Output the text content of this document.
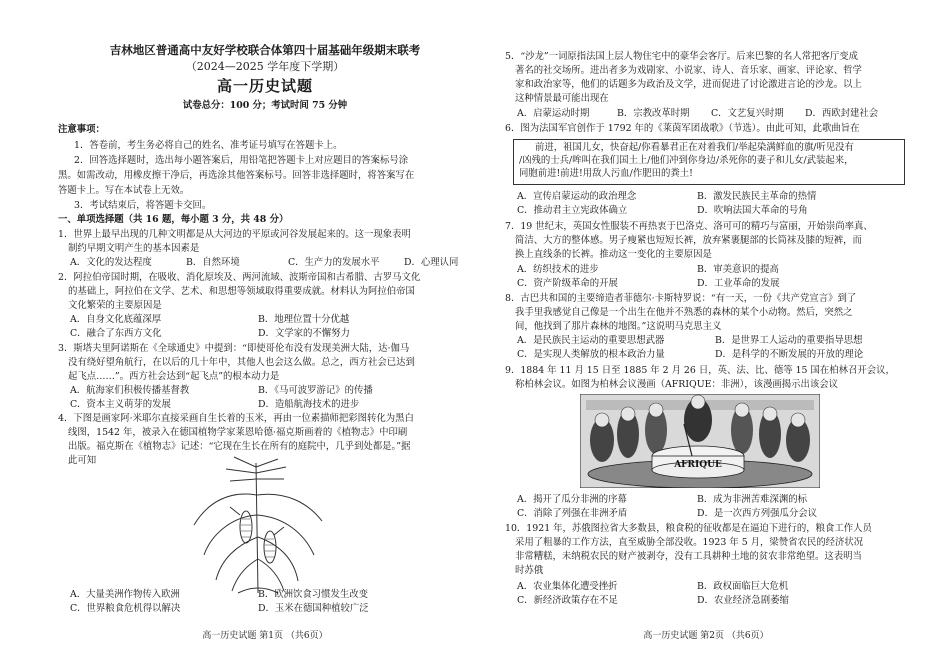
吉林地区普通高中友好学校联合体第四十届基础年级期末联考
（2024—2025 学年度下学期）
高一历史试题
试卷总分：100 分；考试时间 75 分钟
注意事项：
1．答卷前，考生务必将自己的姓名、准考证号填写在答题卡上。
2．回答选择题时，选出每小题答案后，用铅笔把答题卡上对应题目的答案标号涂
黑。如需改动，用橡皮擦干净后，再选涂其他答案标号。回答非选择题时，将答案写在
答题卡上。写在本试卷上无效。
3．考试结束后，将答题卡交回。
一、单项选择题（共 16 题，每小题 3 分，共 48 分）
1．世界上最早出现的几种文明都是从大河边的平原或河谷发展起来的。这一现象表明
制约早期文明产生的基本因素是
A．文化的发达程度	B．自然环境	C．生产力的发展水平	D．心理认同
2．阿拉伯帝国时期，在吸收、消化原埃及、两河流域、波斯帝国和古希腊、古罗马文化
的基础上，阿拉伯在文学、艺术、和思想等领域取得重要成就。材料认为阿拉伯帝国
文化繁荣的主要原因是
A．自身文化底蕴深厚	B．地理位置十分优越
C．融合了东西方文化	D．文学家的不懈努力
3．斯塔夫里阿诺斯在《全球通史》中提到：“即使哥伦布没有发现美洲大陆，达·伽马
没有绕好望角航行，在以后的几十年中，其他人也会这么做。总之，西方社会已达到
起飞点……”。西方社会达到“起飞点”的根本动力是
A．航海家们积极传播基督教	B．《马可波罗游记》的传播
C．资本主义萌芽的发展	D．造船航海技术的进步
4．下图是画家阿·米耶尔直接采画自生长着的玉米，再由一位素描师把彩图转化为黑白
线图，1542 年，被录入在德国植物学家莱恩哈德·福克斯画着的《植物志》中印刷
出版。福克斯在《植物志》记述：“它现在生长在所有的庭院中，几乎到处都是。”据
此可知
A．大量美洲作物传入欧洲	B．欧洲饮食习惯发生改变
C．世界粮食危机得以解决	D．玉米在德国种植较广泛
高一历史试题 第1页 （共6页）
5．“沙龙”一词原指法国上层人物住宅中的豪华会客厅。后来巴黎的名人常把客厅变成
著名的社交场所。进出者多为戏剧家、小说家、诗人、音乐家、画家、评论家、哲学
家和政治家等，他们的话题多为政治及文学，进而促进了讨论激进言论的沙龙。以上
这种情景最可能出现在
A．启蒙运动时期	B．宗教改革时期 C．文艺复兴时期 D．西欧封建社会
6．图为法国军官创作于 1792 年的《莱茵军团战歌》（节选）。由此可知，此歌曲旨在
前进，祖国儿女，快奋起/你看暴君正在对着我们/举起染满鲜血的旗/听见没有
/凶残的士兵/哞叫在我们国土上/他们冲到你身边/杀死你的妻子和儿女/武装起来，
同胞前进!前进!用敌人污血/作肥田的粪土!
A．宣传启蒙运动的政治理念	B．激发民族民主革命的热情
C．推动君主立宪政体确立	D．吹响法国大革命的号角
7．19 世纪末，英国女性服装不再热衷于巴洛克、洛可可的精巧与富丽，开始崇尚率真、
简洁、大方的整体感。男子瘦紧也短短长裤，放弃紧裹腿部的长筒袜及膝的短裤，而
换上直线条的长裤。推动这一变化的主要原因是
A．纺织技术的进步	B．审美意识的提高
C．资产阶级革命的开展	D．工业革命的发展
8．古巴共和国的主要缔造者菲德尔·卡斯特罗说：“有一天，一份《共产党宣言》到了
我手里我感觉自己像是一个出生在他并不熟悉的森林的某个小动物。然后，突然之
间，他找到了那片森林的地图。”这说明马克思主义
A．是民族民主运动的重要思想武器	B．是世界工人运动的重要指导思想
C．是实现人类解放的根本政治力量	D．是科学的不断发展的开放的理论
9．1884 年 11 月 15 日至 1885 年 2 月 26 日，英、法、比、德等 15 国在柏林召开会议，
称柏林会议。如图为柏林会议漫画（AFRIQUE：非洲），该漫画揭示出该会议
AFRIQUE
A．揭开了瓜分非洲的序幕	B．成为非洲苦难深渊的标
C．消除了列强在非洲矛盾	D．是一次西方列强瓜分会议
10．1921 年，苏俄图拉省大多数县，粮食税的征收都是在逼迫下进行的，粮食工作人员
采用了粗暴的工作方法，直至威胁全部没收。1923 年 5 月，梁赞省农民的经济状况
非常糟糕，未纳税农民的财产被剥夺，没有工具耕种土地的贫农非常绝望。这表明当
时苏俄
A．农业集体化遭受挫折	B．政权面临巨大危机
C．新经济政策存在不足	D．农业经济急剧萎缩
高一历史试题 第2页 （共6页）
